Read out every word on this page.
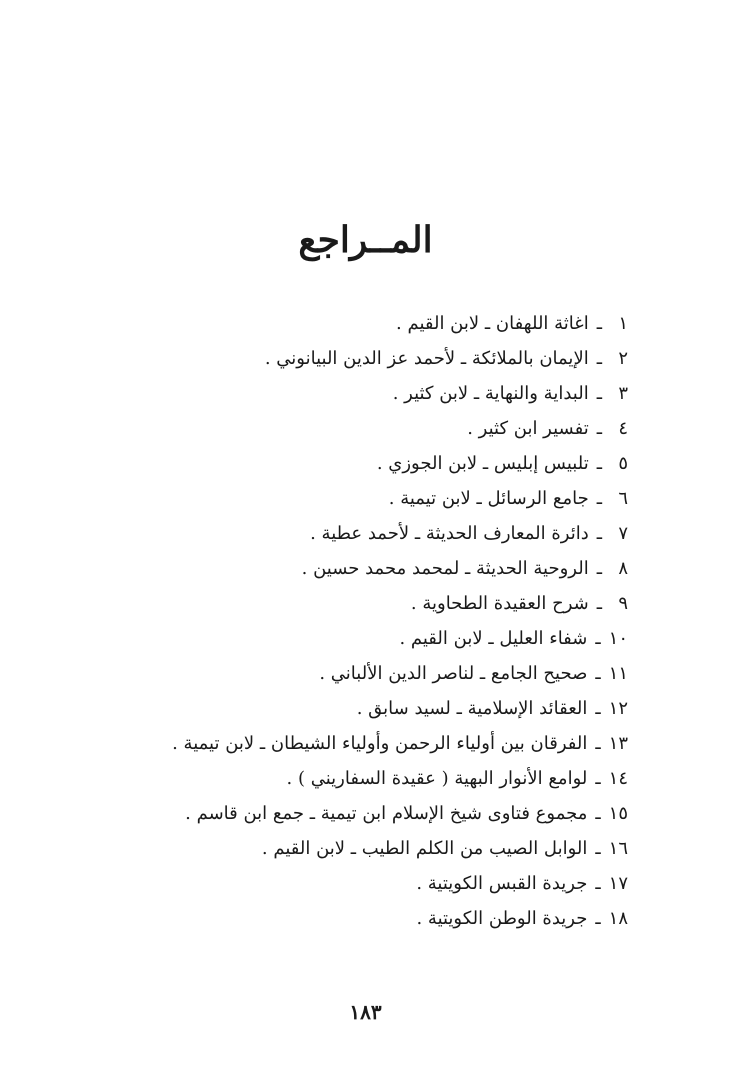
المــراجع
١
ـ
اغاثة اللهفان ـ لابن القيم .
٢
ـ
الإيمان بالملائكة ـ لأحمد عز الدين البيانوني .
٣
ـ
البداية والنهاية ـ لابن كثير .
٤
ـ
تفسير ابن كثير .
٥
ـ
تلبيس إبليس ـ لابن الجوزي .
٦
ـ
جامع الرسائل ـ لابن تيمية .
٧
ـ
دائرة المعارف الحديثة ـ لأحمد عطية .
٨
ـ
الروحية الحديثة ـ لمحمد محمد حسين .
٩
ـ
شرح العقيدة الطحاوية .
١٠
ـ
شفاء العليل ـ لابن القيم .
١١
ـ
صحيح الجامع ـ لناصر الدين الألباني .
١٢
ـ
العقائد الإسلامية ـ لسيد سابق .
١٣
ـ
الفرقان بين أولياء الرحمن وأولياء الشيطان ـ لابن تيمية .
١٤
ـ
لوامع الأنوار البهية ( عقيدة السفاريني ) .
١٥
ـ
مجموع فتاوى شيخ الإسلام ابن تيمية ـ جمع ابن قاسم .
١٦
ـ
الوابل الصيب من الكلم الطيب ـ لابن القيم .
١٧
ـ
جريدة القبس الكويتية .
١٨
ـ
جريدة الوطن الكويتية .
١٨٣
